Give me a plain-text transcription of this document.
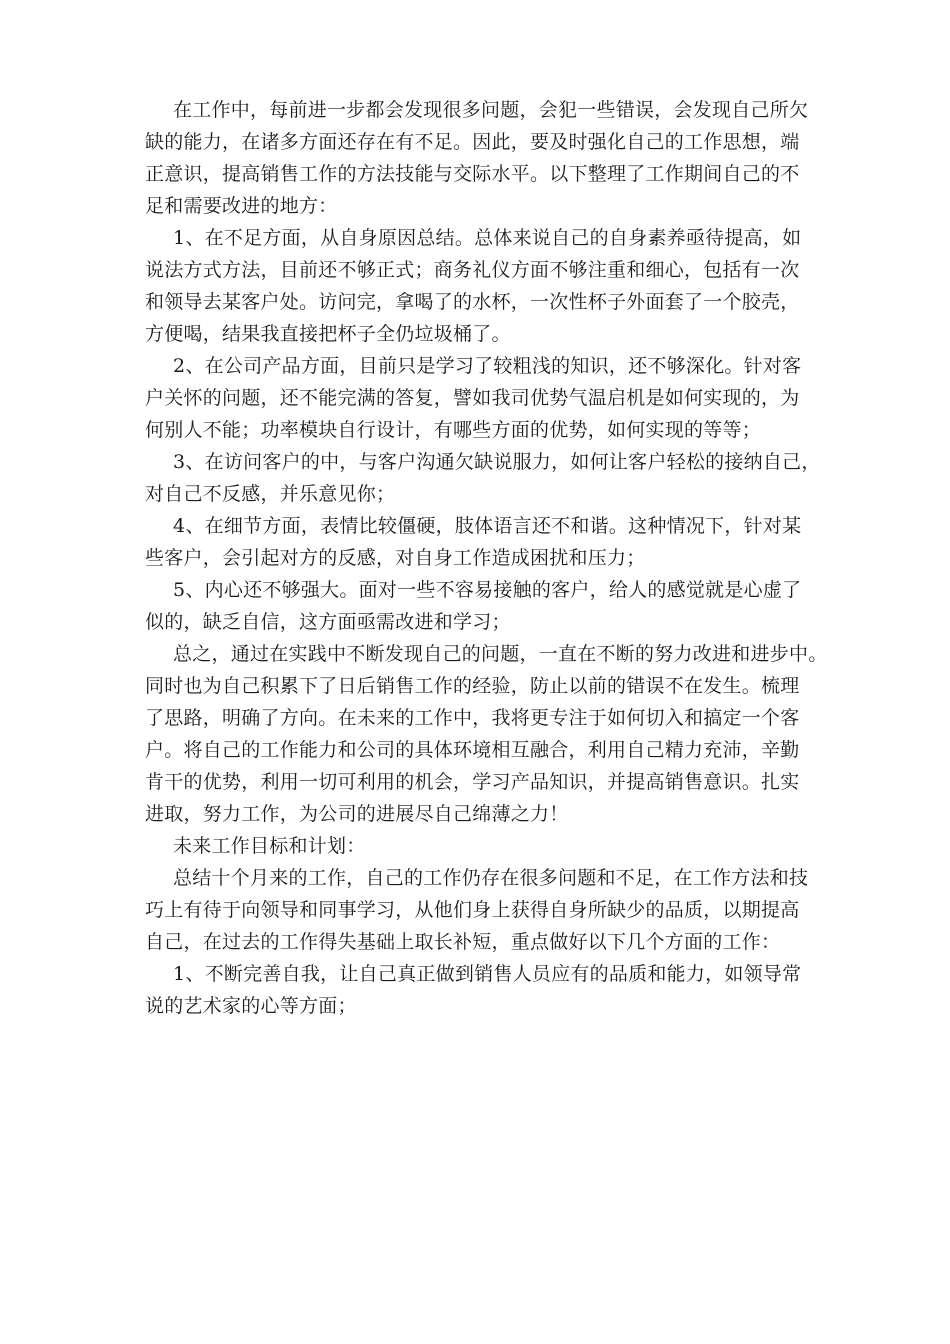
在工作中，每前进一步都会发现很多问题，会犯一些错误，会发现自己所欠
缺的能力，在诸多方面还存在有不足。因此，要及时强化自己的工作思想，端
正意识，提高销售工作的方法技能与交际水平。以下整理了工作期间自己的不
足和需要改进的地方：
1、在不足方面，从自身原因总结。总体来说自己的自身素养亟待提高，如
说法方式方法，目前还不够正式；商务礼仪方面不够注重和细心，包括有一次
和领导去某客户处。访问完，拿喝了的水杯，一次性杯子外面套了一个胶壳，
方便喝，结果我直接把杯子全仍垃圾桶了。
2、在公司产品方面，目前只是学习了较粗浅的知识，还不够深化。针对客
户关怀的问题，还不能完满的答复，譬如我司优势气温启机是如何实现的，为
何别人不能；功率模块自行设计，有哪些方面的优势，如何实现的等等；
3、在访问客户的中，与客户沟通欠缺说服力，如何让客户轻松的接纳自己，
对自己不反感，并乐意见你；
4、在细节方面，表情比较僵硬，肢体语言还不和谐。这种情况下，针对某
些客户，会引起对方的反感，对自身工作造成困扰和压力；
5、内心还不够强大。面对一些不容易接触的客户，给人的感觉就是心虚了
似的，缺乏自信，这方面亟需改进和学习；
总之，通过在实践中不断发现自己的问题，一直在不断的努力改进和进步中。
同时也为自己积累下了日后销售工作的经验，防止以前的错误不在发生。梳理
了思路，明确了方向。在未来的工作中，我将更专注于如何切入和搞定一个客
户。将自己的工作能力和公司的具体环境相互融合，利用自己精力充沛，辛勤
肯干的优势，利用一切可利用的机会，学习产品知识，并提高销售意识。扎实
进取，努力工作，为公司的进展尽自己绵薄之力！
未来工作目标和计划：
总结十个月来的工作，自己的工作仍存在很多问题和不足，在工作方法和技
巧上有待于向领导和同事学习，从他们身上获得自身所缺少的品质，以期提高
自己，在过去的工作得失基础上取长补短，重点做好以下几个方面的工作：
1、不断完善自我，让自己真正做到销售人员应有的品质和能力，如领导常
说的艺术家的心等方面；
